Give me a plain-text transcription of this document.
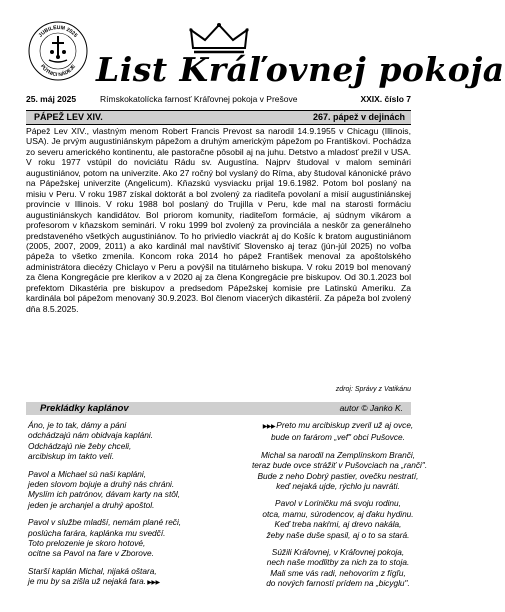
JUBILEUM 2025
PÚTNICI NÁDEJE List Kráľovnej pokoja
25. máj 2025	Rímskokatolícka farnosť Kráľovnej pokoja v Prešove	XXIX. číslo 7
PÁPEŽ LEV XIV.	267. pápež v dejinách
Pápež Lev XIV., vlastným menom Robert Francis Prevost sa narodil 14.9.1955 v Chicagu (Illinois, USA). Je prvým augustiniánskym pápežom a druhým americkým pápežom po Františkovi. Pochádza zo severu amerického kontinentu, ale pastoračne pôsobil aj na juhu. Detstvo a mladosť prežil v USA. V roku 1977 vstúpil do noviciátu Rádu sv. Augustína. Najprv študoval v malom seminári augustiniánov, potom na univerzite. Ako 27 ročný bol vyslaný do Ríma, aby študoval kánonické právo na Pápežskej univerzite (Angelicum). Kňazskú vysviacku prijal 19.6.1982. Potom bol poslaný na misiu v Peru. V roku 1987 získal doktorát a bol zvolený za riaditeľa povolaní a misií augustiniánskej provincie v Illinois. V roku 1988 bol poslaný do Trujilla v Peru, kde mal na starosti formáciu augustiniánskych kandidátov. Bol priorom komunity, riaditeľom formácie, aj súdnym vikárom a profesorom v kňazskom seminári. V roku 1999 bol zvolený za provinciála a neskôr za generálneho predstaveného všetkých augustiniánov. To ho priviedlo viackrát aj do Košíc k bratom augustiniánom (2005, 2007, 2009, 2011) a ako kardinál mal navštíviť Slovensko aj teraz (jún-júl 2025) no voľba pápeža to všetko zmenila. Koncom roka 2014 ho pápež František menoval za apoštolského administrátora diecézy Chiclayo v Peru a povýšil na titulárneho biskupa. V roku 2019 bol menovaný za člena Kongregácie pre klerikov a v 2020 aj za člena Kongregácie pre biskupov. Od 30.1.2023 bol prefektom Dikastéria pre biskupov a predsedom Pápežskej komisie pre Latinskú Ameriku. Za kardinála bol pápežom menovaný 30.9.2023. Bol členom viacerých dikastérií. Za pápeža bol zvolený dňa 8.5.2025.
zdroj: Správy z Vatikánu
Prekládky kaplánov	autor © Janko K.
Áno, je to tak, dámy a páni
odchádzajú nám obidvaja kapláni.
Odchádzajú nie žeby chceli,
arcibiskup im takto velí.
Pavol a Michael sú naši kapláni,
jeden slovom bojuje a druhý nás chráni.
Myslím ich patrónov, dávam karty na stôl,
jeden je archanjel a druhý apoštol.
Pavol v službe mladší, nemám plané reči,
poslúcha farára, kaplánka mu svedčí.
Toto prelozenie je skoro hotové,
ocitne sa Pavol na fare v Zborove.
Starší kaplán Michal, nijaká oštara,
je mu by sa zišla už nejaká fara. ▶▶▶
▶▶▶ Preto mu arcibiskup zveril už aj ovce,
bude on farárom „vef" obci Pušovce.
Michal sa narodil na Zemplínskom Branči,
teraz bude ovce strážiť v Pušovciach na „ranči".
Bude z neho Dobrý pastier, ovečku nestratí,
keď nejaká ujde, rýchlo ju navráti.
Pavol v Loriničku má svoju rodinu,
otca, mamu, súrodencov, aj ďaku hydinu.
Keď treba nakŕmi, aj drevo nakála,
žeby naše duše spasil, aj o to sa stará.
Súžili Kráľovnej, v Kráľovnej pokoja,
nech naše modlitby za nich za to stoja.
Mali sme vás radi, nehovorím z fígľu,
do nových farností prídem na „bicyglu".
